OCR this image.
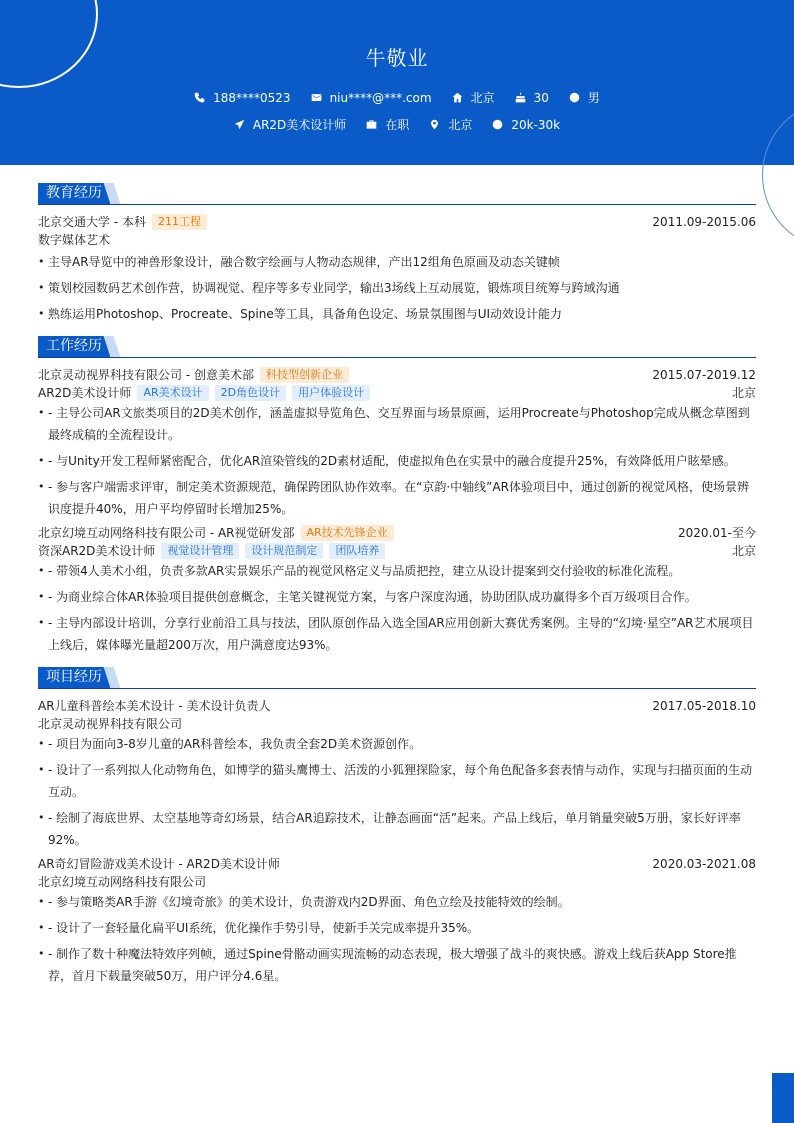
牛敬业
188****0523	niu****@***.com	北京	30	男
AR2D美术设计师	在职	北京	20k-30k
教育经历
北京交通大学 - 本科	211工程	2011.09-2015.06
数字媒体艺术
• 主导AR导览中的神兽形象设计，融合数字绘画与人物动态规律，产出12组角色原画及动态关键帧
• 策划校园数码艺术创作营，协调视觉、程序等多专业同学，输出3场线上互动展览，锻炼项目统筹与跨域沟通
• 熟练运用Photoshop、Procreate、Spine等工具，具备角色设定、场景氛围图与UI动效设计能力
工作经历
北京灵动视界科技有限公司 - 创意美术部	科技型创新企业	2015.07-2019.12
AR2D美术设计师	AR美术设计	2D角色设计	用户体验设计	北京
• - 主导公司AR文旅类项目的2D美术创作，涵盖虚拟导览角色、交互界面与场景原画，运用Procreate与Photoshop完成从概念草图到最终成稿的全流程设计。
• - 与Unity开发工程师紧密配合，优化AR渲染管线的2D素材适配，使虚拟角色在实景中的融合度提升25%，有效降低用户眩晕感。
• - 参与客户端需求评审，制定美术资源规范，确保跨团队协作效率。在“京韵·中轴线”AR体验项目中，通过创新的视觉风格，使场景辨识度提升40%，用户平均停留时长增加25%。
北京幻境互动网络科技有限公司 - AR视觉研发部	AR技术先锋企业	2020.01-至今
资深AR2D美术设计师	视觉设计管理	设计规范制定	团队培养	北京
• - 带领4人美术小组，负责多款AR实景娱乐产品的视觉风格定义与品质把控，建立从设计提案到交付验收的标准化流程。
• - 为商业综合体AR体验项目提供创意概念，主笔关键视觉方案，与客户深度沟通，协助团队成功赢得多个百万级项目合作。
• - 主导内部设计培训，分享行业前沿工具与技法，团队原创作品入选全国AR应用创新大赛优秀案例。主导的“幻境·星空”AR艺术展项目上线后，媒体曝光量超200万次，用户满意度达93%。
项目经历
AR儿童科普绘本美术设计 - 美术设计负责人	2017.05-2018.10
北京灵动视界科技有限公司
• - 项目为面向3-8岁儿童的AR科普绘本，我负责全套2D美术资源创作。
• - 设计了一系列拟人化动物角色，如博学的猫头鹰博士、活泼的小狐狸探险家，每个角色配备多套表情与动作，实现与扫描页面的生动互动。
• - 绘制了海底世界、太空基地等奇幻场景，结合AR追踪技术，让静态画面“活”起来。产品上线后，单月销量突破5万册，家长好评率92%。
AR奇幻冒险游戏美术设计 - AR2D美术设计师	2020.03-2021.08
北京幻境互动网络科技有限公司
• - 参与策略类AR手游《幻境奇旅》的美术设计，负责游戏内2D界面、角色立绘及技能特效的绘制。
• - 设计了一套轻量化扁平UI系统，优化操作手势引导，使新手关完成率提升35%。
• - 制作了数十种魔法特效序列帧，通过Spine骨骼动画实现流畅的动态表现，极大增强了战斗的爽快感。游戏上线后获App Store推荐，首月下载量突破50万，用户评分4.6星。
